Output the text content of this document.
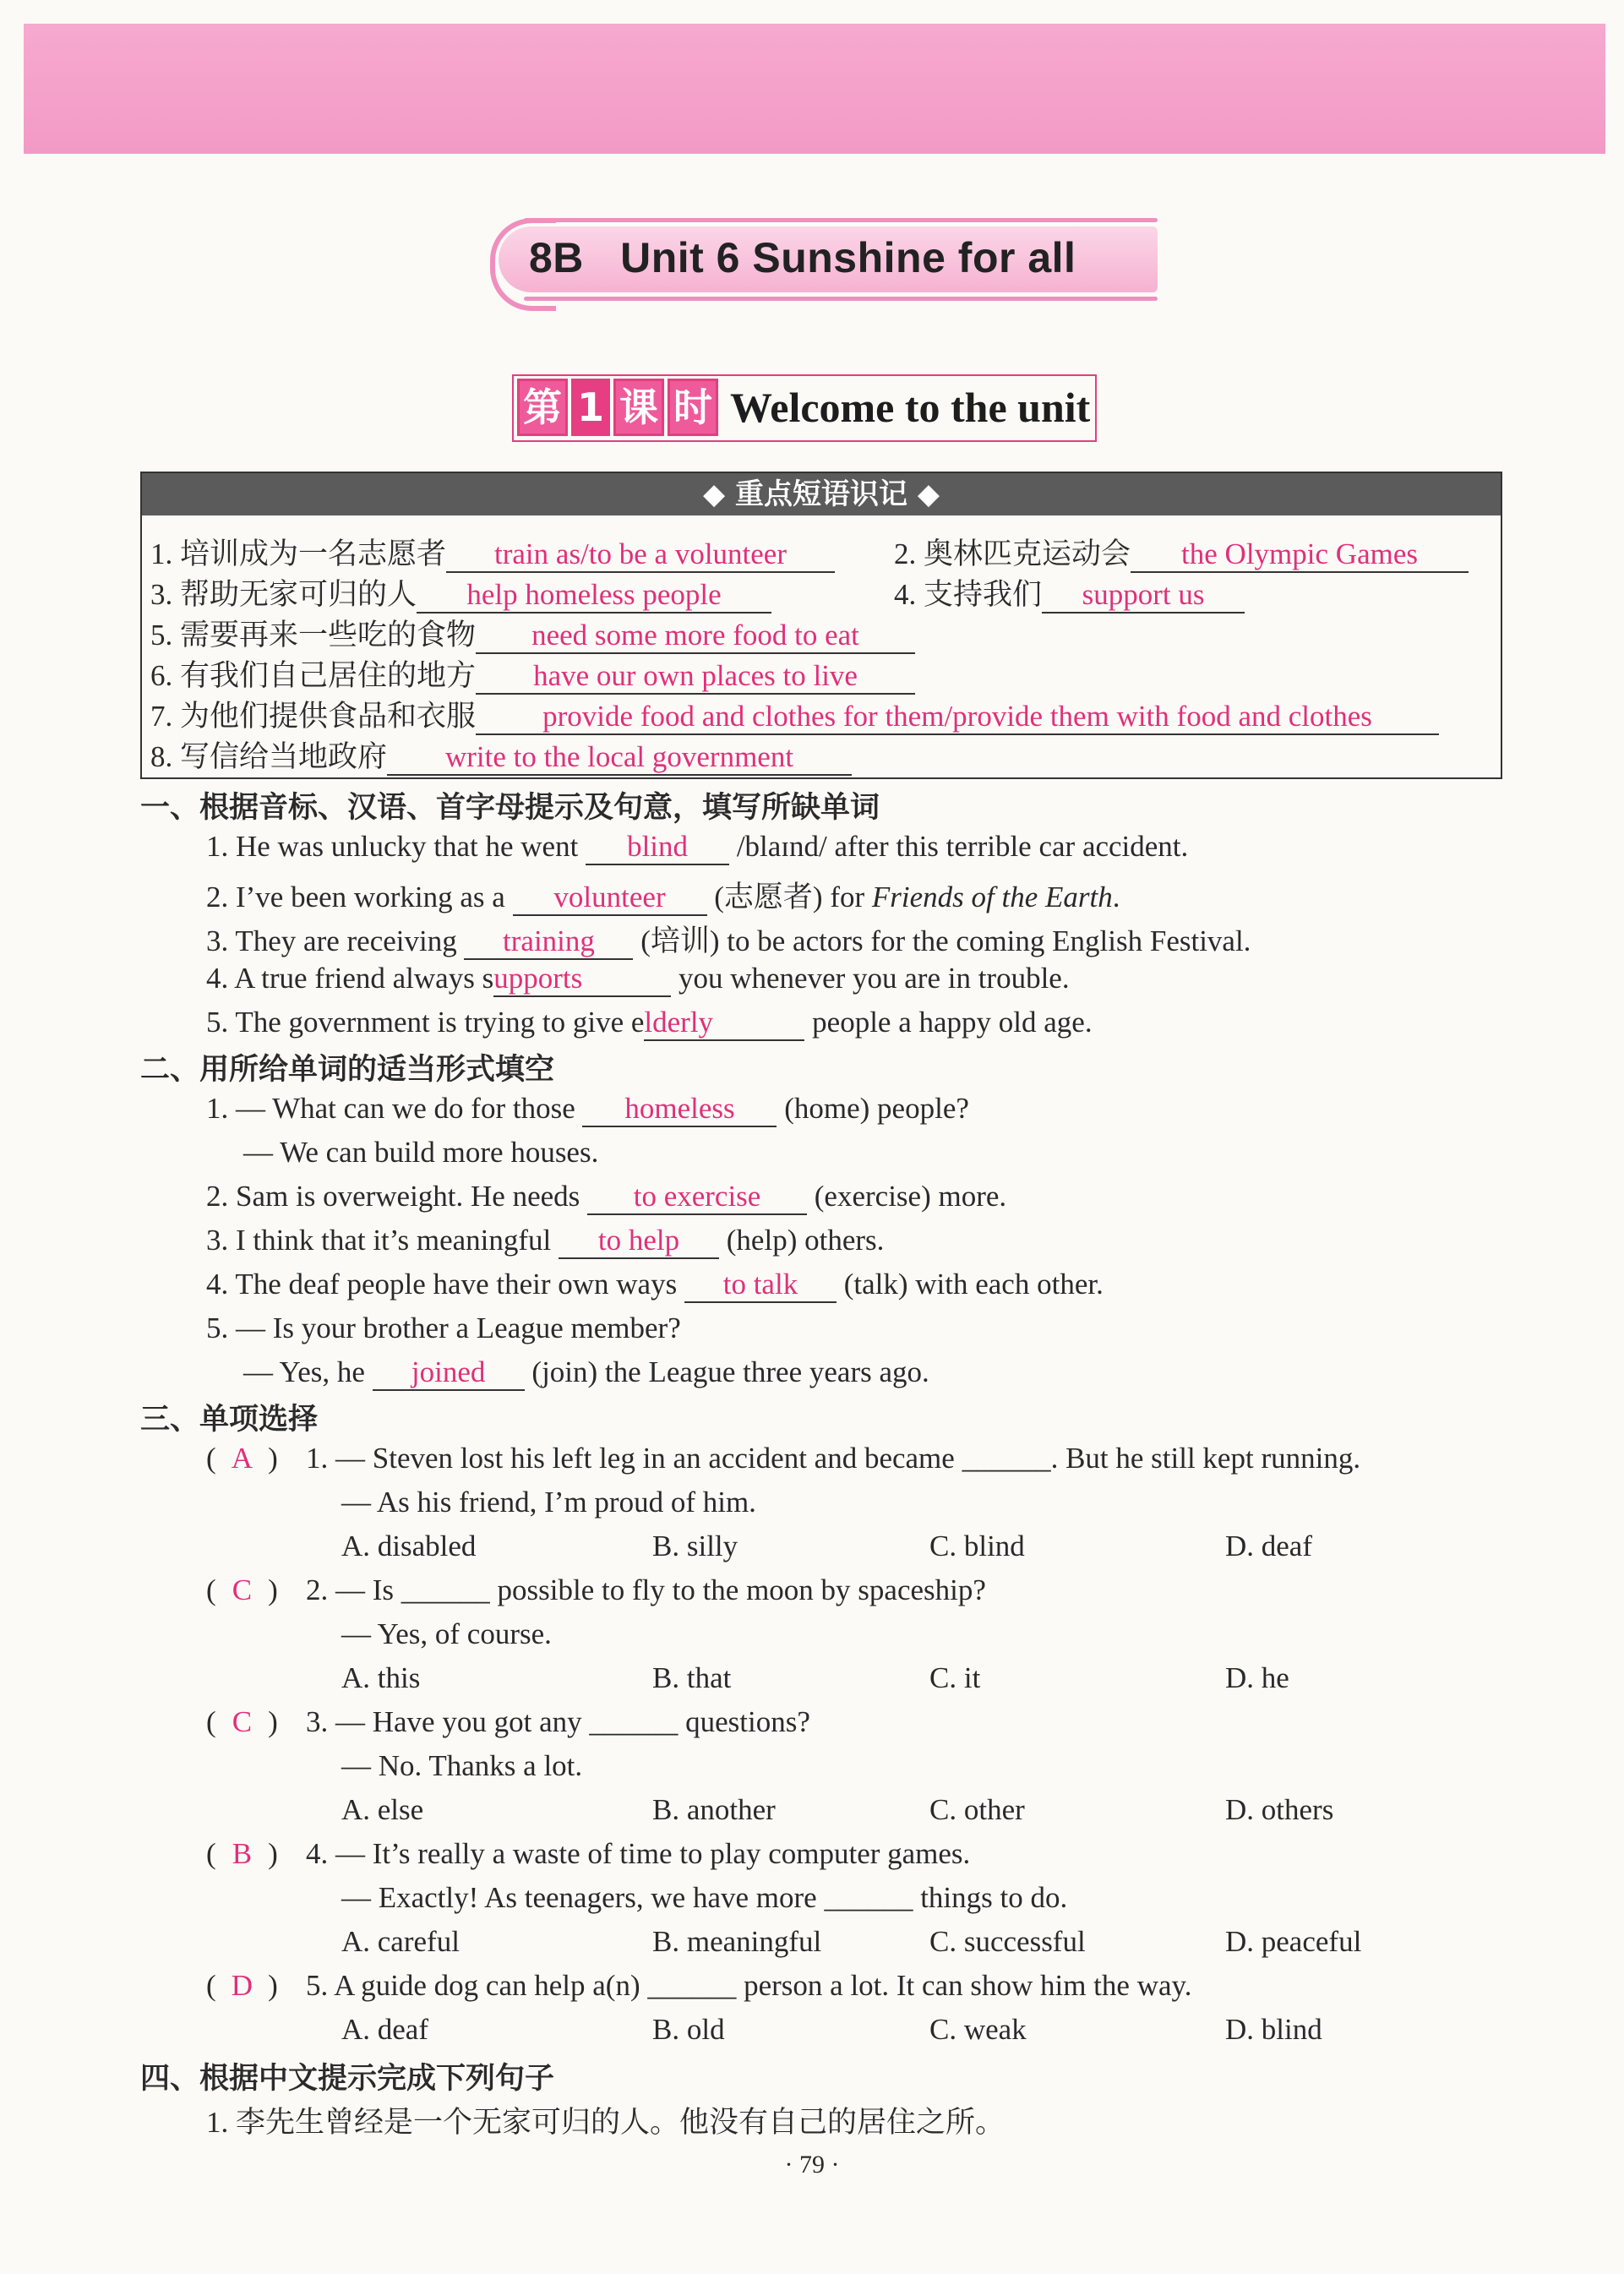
8B   Unit 6 Sunshine for all
第 1 课 时 Welcome to the unit
◆ 重点短语识记 ◆
1. 培训成为一名志愿者 train as/to be a volunteer	2. 奥林匹克运动会 the Olympic Games
3. 帮助无家可归的人 help homeless people	4. 支持我们 support us
5. 需要再来一些吃的食物 need some more food to eat
6. 有我们自己居住的地方 have our own places to live
7. 为他们提供食品和衣服 provide food and clothes for them/provide them with food and clothes
8. 写信给当地政府 write to the local government
一、根据音标、汉语、首字母提示及句意，填写所缺单词
1. He was unlucky that he went blind /blaɪnd/ after this terrible car accident.
2. I’ve been working as a volunteer (志愿者) for Friends of the Earth.
3. They are receiving training (培训) to be actors for the coming English Festival.
4. A true friend always supports	you whenever you are in trouble.
5. The government is trying to give elderly	people a happy old age.
二、用所给单词的适当形式填空
1. — What can we do for those homeless (home) people?
— We can build more houses.
2. Sam is overweight. He needs to exercise (exercise) more.
3. I think that it’s meaningful to help (help) others.
4. The deaf people have their own ways to talk (talk) with each other.
5. — Is your brother a League member?
— Yes, he joined (join) the League three years ago.
三、单项选择
( A ) 1. — Steven lost his left leg in an accident and became ______. But he still kept running.
— As his friend, I’m proud of him.
A. disabled	B. silly	C. blind	D. deaf
( C ) 2. — Is ______ possible to fly to the moon by spaceship?
— Yes, of course.
A. this	B. that	C. it	D. he
( C ) 3. — Have you got any ______ questions?
— No. Thanks a lot.
A. else	B. another	C. other	D. others
( B ) 4. — It’s really a waste of time to play computer games.
— Exactly! As teenagers, we have more ______ things to do.
A. careful	B. meaningful	C. successful	D. peaceful
( D ) 5. A guide dog can help a(n) ______ person a lot. It can show him the way.
A. deaf	B. old	C. weak	D. blind
四、根据中文提示完成下列句子
1. 李先生曾经是一个无家可归的人。他没有自己的居住之所。
· 79 ·
